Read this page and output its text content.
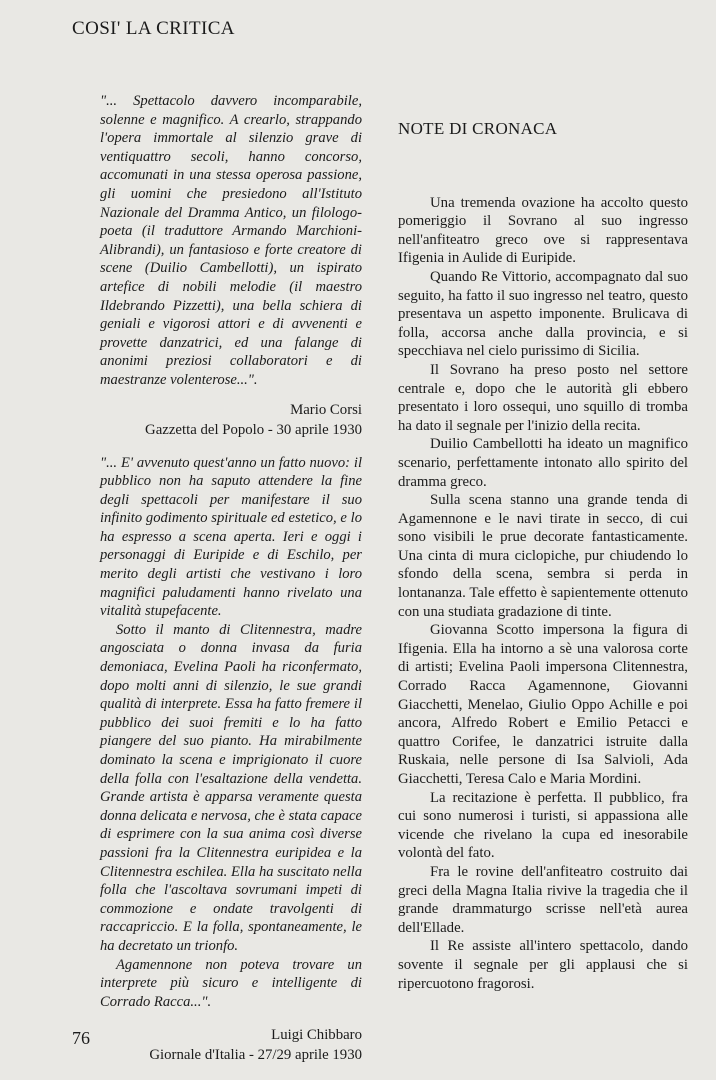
COSI' LA CRITICA

"... Spettacolo davvero incomparabile, solenne e magnifico. A crearlo, strappando l'opera immortale al silenzio grave di ventiquattro secoli, hanno concorso, accomunati in una stessa operosa passione, gli uomini che presiedono all'Istituto Nazionale del Dramma Antico, un filologo-poeta (il traduttore Armando Marchioni-Alibrandi), un fantasioso e forte creatore di scene (Duilio Cambellotti), un ispirato artefice di nobili melodie (il maestro Ildebrando Pizzetti), una bella schiera di geniali e vigorosi attori e di avvenenti e provette danzatrici, ed una falange di anonimi preziosi collaboratori e di maestranze volenterose...".

Mario Corsi
Gazzetta del Popolo - 30 aprile 1930

"... E' avvenuto quest'anno un fatto nuovo: il pubblico non ha saputo attendere la fine degli spettacoli per manifestare il suo infinito godimento spirituale ed estetico, e lo ha espresso a scena aperta. Ieri e oggi i personaggi di Euripide e di Eschilo, per merito degli artisti che vestivano i loro magnifici paludamenti hanno rivelato una vitalità stupefacente.

Sotto il manto di Clitennestra, madre angosciata o donna invasa da furia demoniaca, Evelina Paoli ha riconfermato, dopo molti anni di silenzio, le sue grandi qualità di interprete. Essa ha fatto fremere il pubblico dei suoi fremiti e lo ha fatto piangere del suo pianto. Ha mirabilmente dominato la scena e imprigionato il cuore della folla con l'esaltazione della vendetta. Grande artista è apparsa veramente questa donna delicata e nervosa, che è stata capace di esprimere con la sua anima così diverse passioni fra la Clitennestra euripidea e la Clitennestra eschilea. Ella ha suscitato nella folla che l'ascoltava sovrumani impeti di commozione e ondate travolgenti di raccapriccio. E la folla, spontaneamente, le ha decretato un trionfo.

Agamennone non poteva trovare un interprete più sicuro e intelligente di Corrado Racca...".

Luigi Chibbaro
Giornale d'Italia - 27/29 aprile 1930
NOTE DI CRONACA

Una tremenda ovazione ha accolto questo pomeriggio il Sovrano al suo ingresso nell'anfiteatro greco ove si rappresentava Ifigenia in Aulide di Euripide.

Quando Re Vittorio, accompagnato dal suo seguito, ha fatto il suo ingresso nel teatro, questo presentava un aspetto imponente. Brulicava di folla, accorsa anche dalla provincia, e si specchiava nel cielo purissimo di Sicilia.

Il Sovrano ha preso posto nel settore centrale e, dopo che le autorità gli ebbero presentato i loro ossequi, uno squillo di tromba ha dato il segnale per l'inizio della recita.

Duilio Cambellotti ha ideato un magnifico scenario, perfettamente intonato allo spirito del dramma greco.

Sulla scena stanno una grande tenda di Agamennone e le navi tirate in secco, di cui sono visibili le prue decorate fantasticamente. Una cinta di mura ciclopiche, pur chiudendo lo sfondo della scena, sembra si perda in lontananza. Tale effetto è sapientemente ottenuto con una studiata gradazione di tinte.

Giovanna Scotto impersona la figura di Ifigenia. Ella ha intorno a sè una valorosa corte di artisti; Evelina Paoli impersona Clitennestra, Corrado Racca Agamennone, Giovanni Giacchetti, Menelao, Giulio Oppo Achille e poi ancora, Alfredo Robert e Emilio Petacci e quattro Corifee, le danzatrici istruite dalla Ruskaia, nelle persone di Isa Salvioli, Ada Giacchetti, Teresa Calo e Maria Mordini.

La recitazione è perfetta. Il pubblico, fra cui sono numerosi i turisti, si appassiona alle vicende che rivelano la cupa ed inesorabile volontà del fato.

Fra le rovine dell'anfiteatro costruito dai greci della Magna Italia rivive la tragedia che il grande drammaturgo scrisse nell'età aurea dell'Ellade.

Il Re assiste all'intero spettacolo, dando sovente il segnale per gli applausi che si ripercuotono fragorosi.

76
